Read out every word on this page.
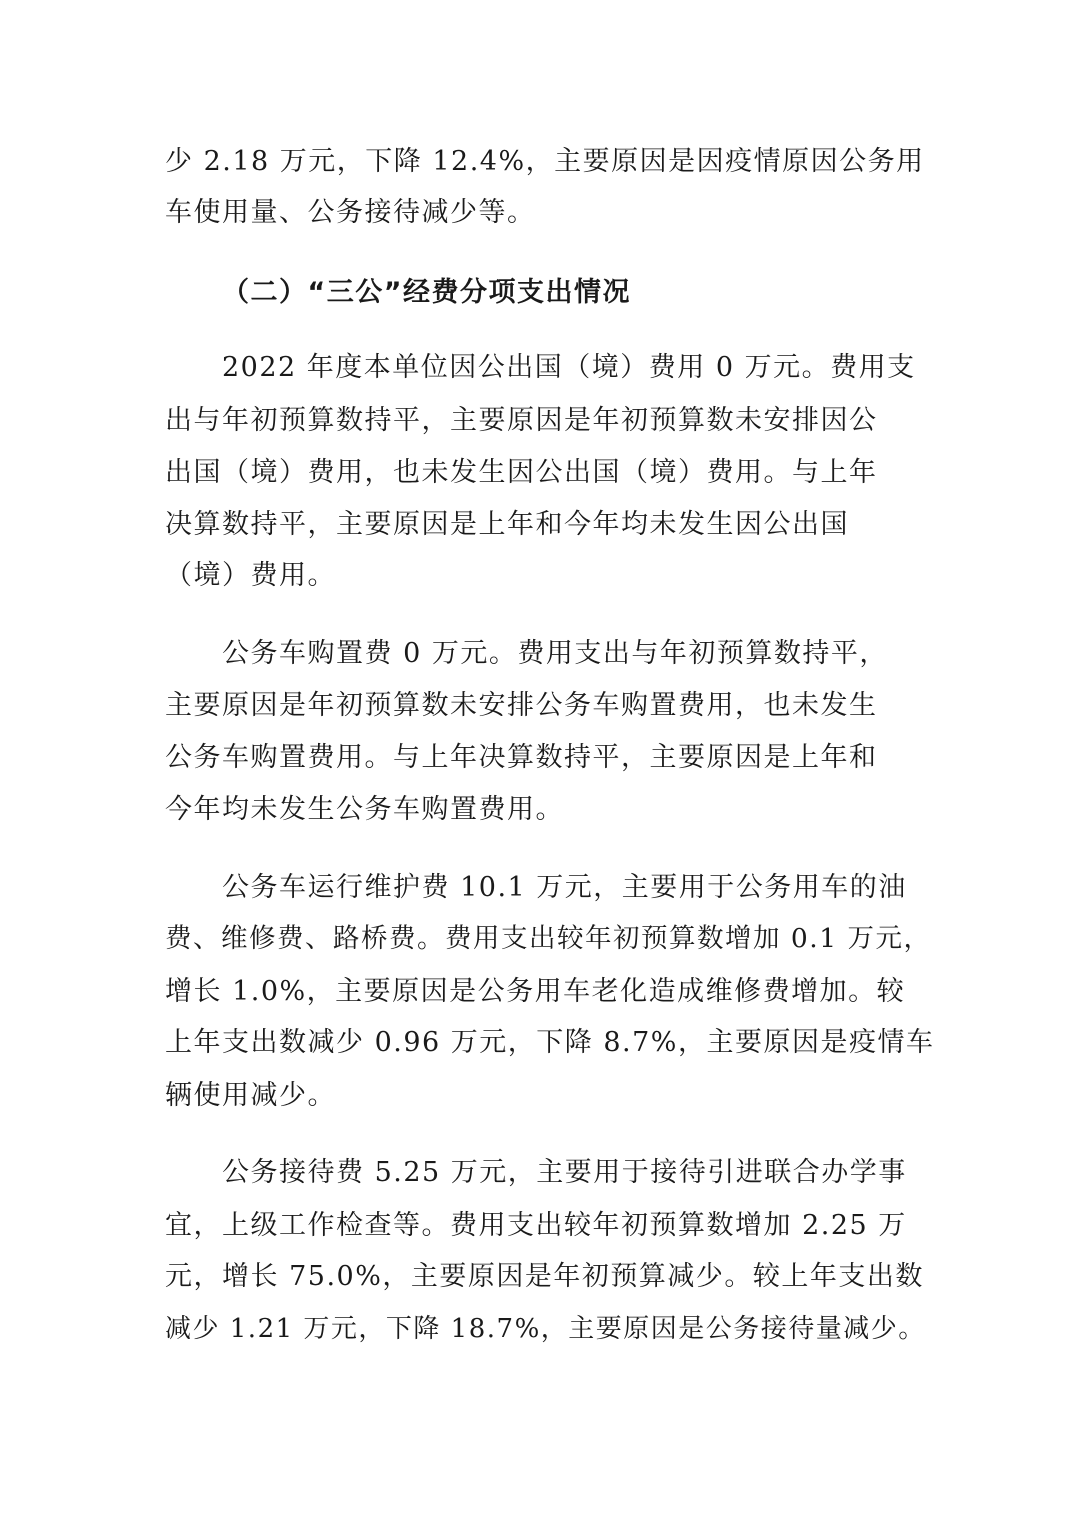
少 2.18 万元，下降 12.4%，主要原因是因疫情原因公务用
车使用量、公务接待减少等。
（二）“三公”经费分项支出情况
2022 年度本单位因公出国（境）费用 0 万元。费用支
出与年初预算数持平，主要原因是年初预算数未安排因公
出国（境）费用，也未发生因公出国（境）费用。与上年
决算数持平，主要原因是上年和今年均未发生因公出国
（境）费用。
公务车购置费 0 万元。费用支出与年初预算数持平，
主要原因是年初预算数未安排公务车购置费用，也未发生
公务车购置费用。与上年决算数持平，主要原因是上年和
今年均未发生公务车购置费用。
公务车运行维护费 10.1 万元，主要用于公务用车的油
费、维修费、路桥费。费用支出较年初预算数增加 0.1 万元，
增长 1.0%，主要原因是公务用车老化造成维修费增加。较
上年支出数减少 0.96 万元，下降 8.7%，主要原因是疫情车
辆使用减少。
公务接待费 5.25 万元，主要用于接待引进联合办学事
宜，上级工作检查等。费用支出较年初预算数增加 2.25 万
元，增长 75.0%，主要原因是年初预算减少。较上年支出数
减少 1.21 万元，下降 18.7%，主要原因是公务接待量减少。
